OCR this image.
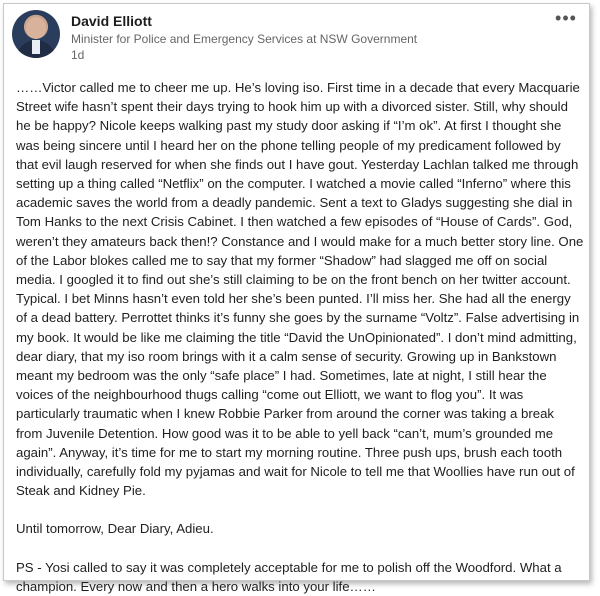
David Elliott
Minister for Police and Emergency Services at NSW Government
1d
•••

……Victor called me to cheer me up. He’s loving iso. First time in a decade that every Macquarie Street wife hasn’t spent their days trying to hook him up with a divorced sister. Still, why should he be happy? Nicole keeps walking past my study door asking if “I’m ok”. At first I thought she was being sincere until I heard her on the phone telling people of my predicament followed by that evil laugh reserved for when she finds out I have gout. Yesterday Lachlan talked me through setting up a thing called “Netflix” on the computer. I watched a movie called “Inferno” where this academic saves the world from a deadly pandemic. Sent a text to Gladys suggesting she dial in Tom Hanks to the next Crisis Cabinet. I then watched a few episodes of “House of Cards”. God, weren’t they amateurs back then!? Constance and I would make for a much better story line. One of the Labor blokes called me to say that my former “Shadow” had slagged me off on social media. I googled it to find out she’s still claiming to be on the front bench on her twitter account. Typical. I bet Minns hasn’t even told her she’s been punted. I’ll miss her. She had all the energy of a dead battery. Perrottet thinks it’s funny she goes by the surname “Voltz”. False advertising in my book. It would be like me claiming the title “David the UnOpinionated”. I don’t mind admitting, dear diary, that my iso room brings with it a calm sense of security. Growing up in Bankstown meant my bedroom was the only “safe place” I had. Sometimes, late at night, I still hear the voices of the neighbourhood thugs calling “come out Elliott, we want to flog you”. It was particularly traumatic when I knew Robbie Parker from around the corner was taking a break from Juvenile Detention. How good was it to be able to yell back “can’t, mum’s grounded me again”. Anyway, it’s time for me to start my morning routine. Three push ups, brush each tooth individually, carefully fold my pyjamas and wait for Nicole to tell me that Woollies have run out of Steak and Kidney Pie.

Until tomorrow, Dear Diary, Adieu.

PS - Yosi called to say it was completely acceptable for me to polish off the Woodford. What a champion. Every now and then a hero walks into your life……
